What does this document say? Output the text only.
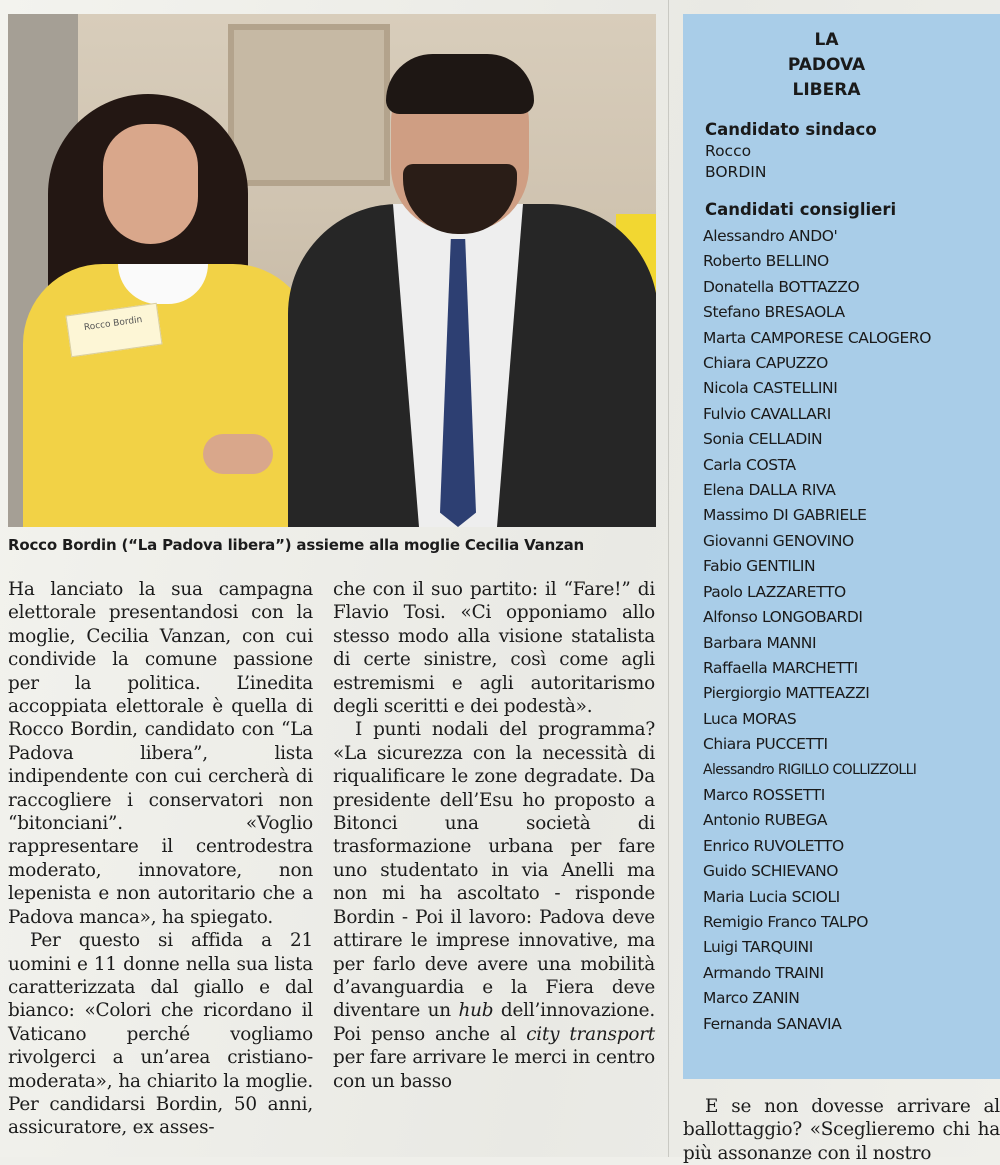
Rocco Bordin
Rocco Bordin (“La Padova libera”) assieme alla moglie Cecilia Vanzan

Ha lanciato la sua campagna elettorale presentandosi con la moglie, Cecilia Vanzan, con cui condivide la comune passione per la politica. L’inedita accoppiata elettorale è quella di Rocco Bordin, candidato con “La Padova libera”, lista indipendente con cui cercherà di raccogliere i conservatori non “bitonciani”. «Voglio rappresentare il centrodestra moderato, innovatore, non lepenista e non autoritario che a Padova manca», ha spiegato.

Per questo si affida a 21 uomini e 11 donne nella sua lista caratterizzata dal giallo e dal bianco: «Colori che ricordano il Vaticano perché vogliamo rivolgerci a un’area cristiano-moderata», ha chiarito la moglie. Per candidarsi Bordin, 50 anni, assicuratore, ex asses-

che con il suo partito: il “Fare!” di Flavio Tosi. «Ci opponiamo allo stesso modo alla visione statalista di certe sinistre, così come agli estremismi e agli autoritarismo degli sceritti e dei podestà».

I punti nodali del programma? «La sicurezza con la necessità di riqualificare le zone degradate. Da presidente dell’Esu ho proposto a Bitonci una società di trasformazione urbana per fare uno studentato in via Anelli ma non mi ha ascoltato - risponde Bordin - Poi il lavoro: Padova deve attirare le imprese innovative, ma per farlo deve avere una mobilità d’avanguardia e la Fiera deve diventare un hub dell’innovazione. Poi penso anche al city transport per fare arrivare le merci in centro con un basso

E se non dovesse arrivare al ballottaggio? «Sceglieremo chi ha più assonanze con il nostro

LA
PADOVA
LIBERA
Candidato sindaco
Rocco
BORDIN
Candidati consiglieri
Alessandro ANDO'
Roberto BELLINO
Donatella BOTTAZZO
Stefano BRESAOLA
Marta CAMPORESE CALOGERO
Chiara CAPUZZO
Nicola CASTELLINI
Fulvio CAVALLARI
Sonia CELLADIN
Carla COSTA
Elena DALLA RIVA
Massimo DI GABRIELE
Giovanni GENOVINO
Fabio GENTILIN
Paolo LAZZARETTO
Alfonso LONGOBARDI
Barbara MANNI
Raffaella MARCHETTI
Piergiorgio MATTEAZZI
Luca MORAS
Chiara PUCCETTI
Alessandro RIGILLO COLLIZZOLLI
Marco ROSSETTI
Antonio RUBEGA
Enrico RUVOLETTO
Guido SCHIEVANO
Maria Lucia SCIOLI
Remigio Franco TALPO
Luigi TARQUINI
Armando TRAINI
Marco ZANIN
Fernanda SANAVIA
